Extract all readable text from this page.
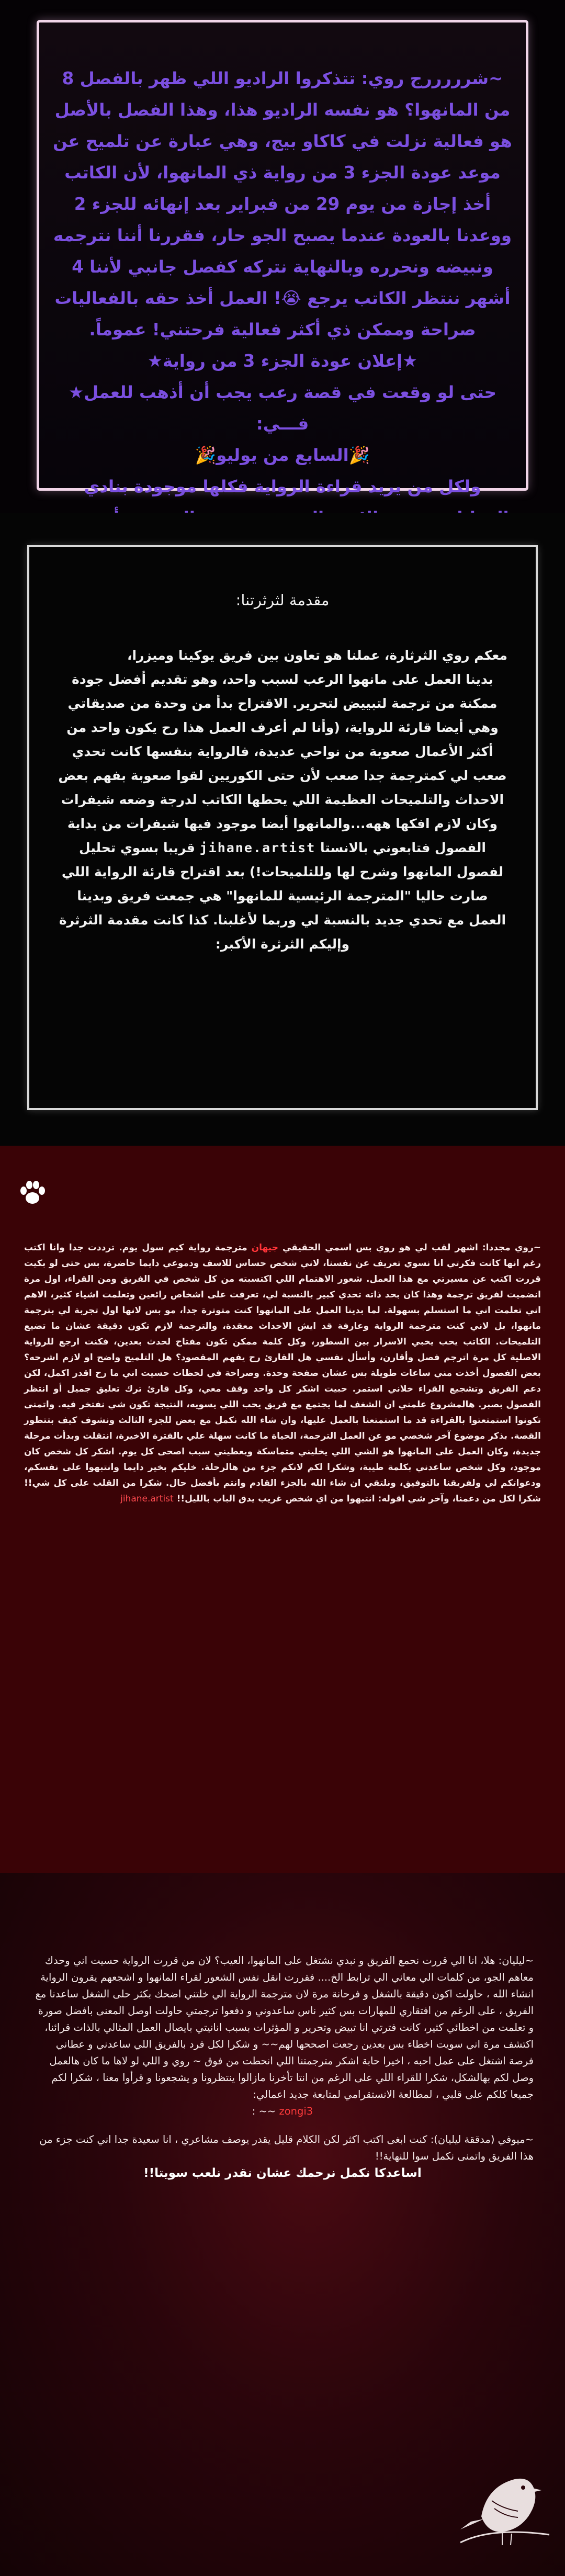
~شرررررج روي: تتذكروا الراديو اللي ظهر بالفصل 8 من المانهوا؟ هو نفسه الراديو هذا، وهذا الفصل بالأصل هو فعالية نزلت في كاكاو بيج، وهي عبارة عن تلميح عن موعد عودة الجزء 3 من رواية ذي المانهوا، لأن الكاتب أخذ إجازة من يوم 29 من فبراير بعد إنهائه للجزء 2 ووعدنا بالعودة عندما يصبح الجو حار، فقررنا أننا نترجمه ونبيضه ونحرره وبالنهاية نتركه كفصل جانبي لأننا 4 أشهر ننتظر الكاتب يرجع 😭! العمل أخذ حقه بالفعاليات صراحة وممكن ذي أكثر فعالية فرحتني! عموماً.

★إعلان عودة الجزء 3 من رواية★

حتى لو وقعت في قصة رعب يجب أن أذهب للعمل★

فـــي:

🎉السابع من يوليو🎉

ولكل من يريد قراءة الرواية فكلها موجودة بنادي

مقدمة لثرثرتنا:
معكم روي الثرثارة، عملنا هو تعاون بين فريق يوكينا وميزرا،
بدينا العمل على مانهوا الرعب لسبب واحد، وهو تقديم أفضل جودة ممكنة من ترجمة لتبييض لتحرير. الاقتراح بدأ من وحدة من صديقاتي وهي أيضا قارئة للرواية، (وأنا لم أعرف العمل هذا رح يكون واحد من أكثر الأعمال صعوبة من نواحي عديدة، فالرواية بنفسها كانت تحدي صعب لي كمترجمة جدا صعب لأن حتى الكوريين لقوا صعوبة بفهم بعض الاحداث والتلميحات العظيمة اللي يحطها الكاتب لدرجة وضعه شيفرات وكان لازم افكها ههه...والمانهوا أيضا موجود فيها شيفرات من بداية الفصول فتابعوني بالانستا jihane.artist قريبا بسوي تحليل لفصول المانهوا وشرح لها وللتلميحات!) بعد اقتراح قارئة الرواية اللي صارت حاليا "المترجمة الرئيسية للمانهوا" هي جمعت فريق وبدينا العمل مع تحدي جديد بالنسبة لي وربما لأغلبنا. كذا كانت مقدمة الثرثرة وإليكم الثرثرة الأكبر:
~روي مجددا: اشهر لقب لي هو روي بس اسمي الحقيقي جيهان مترجمة رواية كيم سول يوم. ترددت جدا وانا اكتب رغم انها كانت فكرتي انا نسوي تعريف عن نفسنا، لاني شخص حساس للاسف ودموعي دايما حاضرة، بس حتى لو بكيت قررت اكتب عن مسيرتي مع هذا العمل. شعور الاهتمام اللي اكتسبته من كل شخص في الفريق ومن القراء، اول مرة انضميت لفريق ترجمة وهذا كان بحد ذاته تحدي كبير بالنسبة لي، تعرفت على اشخاص رائعين وتعلمت اشياء كثير، الاهم اني تعلمت اني ما استسلم بسهولة. لما بدينا العمل على المانهوا كنت متوترة جدا، مو بس لانها اول تجربة لي بترجمة مانهوا، بل لاني كنت مترجمة الرواية وعارفة قد ايش الاحداث معقدة، والترجمة لازم تكون دقيقة عشان ما تضيع التلميحات. الكاتب يحب يخبي الاسرار بين السطور، وكل كلمة ممكن تكون مفتاح لحدث بعدين، فكنت ارجع للرواية الاصلية كل مرة اترجم فصل وأقارن، وأسأل نفسي هل القارئ رح يفهم المقصود؟ هل التلميح واضح او لازم اشرحه؟ بعض الفصول أخذت مني ساعات طويلة بس عشان صفحة وحدة. وصراحة في لحظات حسيت اني ما رح اقدر اكمل، لكن دعم الفريق وتشجيع القراء خلاني استمر. حبيت اشكر كل واحد وقف معي، وكل قارئ ترك تعليق جميل أو انتظر الفصول بصبر. هالمشروع علمني ان الشغف لما يجتمع مع فريق يحب اللي يسويه، النتيجة تكون شي نفتخر فيه. واتمنى تكونوا استمتعتوا بالقراءة قد ما استمتعنا بالعمل عليها، وان شاء الله نكمل مع بعض للجزء الثالث ونشوف كيف بتتطور القصة. بذكر موضوع آخر شخصي مو عن العمل الترجمة، الحياة ما كانت سهلة علي بالفترة الاخيرة، انتقلت وبدأت مرحلة جديدة، وكان العمل على المانهوا هو الشي اللي يخليني متماسكة ويعطيني سبب اصحى كل يوم. اشكر كل شخص كان موجود، وكل شخص ساعدني بكلمة طيبة، وشكرا لكم لانكم جزء من هالرحلة. خليكم بخير دايما وانتبهوا على نفسكم، ودعواتكم لي ولفريقنا بالتوفيق، ونلتقي ان شاء الله بالجزء القادم وانتم بأفضل حال. شكرا من القلب على كل شي!! شكرا لكل من دعمنا، وآخر شي اقوله: انتبهوا من اي شخص غريب يدق الباب بالليل!! jihane.artist

~ليليان: هلا، انا الي قررت نحمع الفريق و نبدي نشتغل على المانهوا، العيب؟ لان من قررت الرواية حسيت اني وحدك معاهم الجو، من كلمات الي معاني الي ترابط الخ.... فقررت انقل نفس الشعور لقراء المانهوا و اشجعهم يقرون الرواية انشاء الله ، حاولت اكون دقيقة بالشغل و فرحانة مرة لان مترجمة الرواية الي خلتني اضحك بكثر حلى الشغل ساعدنا مع الفريق ، على الرغم من افتقاري للمهارات بس كثير ناس ساعدوني و دفعوا ترجمتي حاولت اوصل المعنى بافضل صورة و تعلمت من اخطائي كثير، كانت فترتي انا تبيض وتحرير و المؤثرات بسبب انانيتي بايصال العمل المثالي بالذات قرائنا، اكتشف مرة اني سويت اخطاء بس بعدين رجعت اصححها لهم~~ و شكرا لكل فرد بالفريق اللي ساعدني و عطاني فرصة اشتغل على عمل احبه ، اخيرا حابة اشكر مترجمتنا اللي انحطت من فوق ~ روي و اللي لو لاها ما كان هالعمل وصل لكم بهالشكل، شكرا للقراء اللي على الرغم من انتا تأخرنا مازالوا ينتظرونا و يشجعونا و قرأوا معنا ، شكرا لكم جميعا كلكم على قلبي ، لمطالعة الانستقرامي لمتابعة جديد اعمالي:

zongi3 ~~ :

~ميوفي (مدققة ليليان): كنت ابغى اكتب اكثر لكن الكلام قليل يقدر يوصف مشاعري ، انا سعيدة جدا اني كنت جزء من هذا الفريق واتمنى نكمل سوا للنهاية!!

اساعدكا نكمل نرحمك عشان نقدر نلعب سويتا!!
